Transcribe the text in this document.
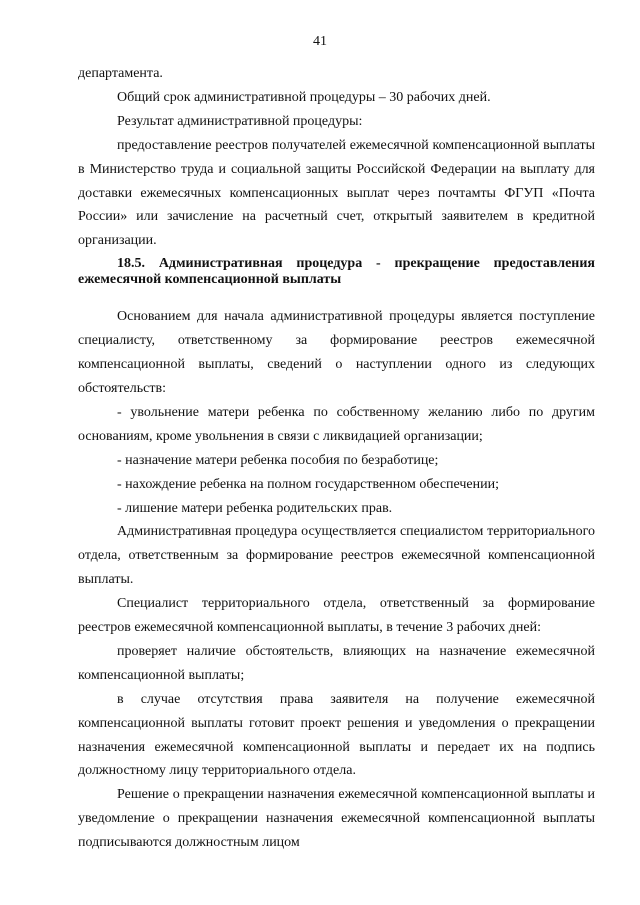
41

департамента.

Общий срок административной процедуры – 30 рабочих дней.

Результат административной процедуры:

предоставление реестров получателей ежемесячной компенсационной выплаты в Министерство труда и социальной защиты Российской Федерации на выплату для доставки ежемесячных компенсационных выплат через почтамты ФГУП «Почта России» или зачисление на расчетный счет, открытый заявителем в кредитной организации.

18.5. Административная процедура - прекращение предоставления ежемесячной компенсационной выплаты

Основанием для начала административной процедуры является поступление специалисту, ответственному за формирование реестров ежемесячной компенсационной выплаты, сведений о наступлении одного из следующих обстоятельств:

- увольнение матери ребенка по собственному желанию либо по другим основаниям, кроме увольнения в связи с ликвидацией организации;

- назначение матери ребенка пособия по безработице;

- нахождение ребенка на полном государственном обеспечении;

- лишение матери ребенка родительских прав.

Административная процедура осуществляется специалистом территориального отдела, ответственным за формирование реестров ежемесячной компенсационной выплаты.

Специалист территориального отдела, ответственный за формирование реестров ежемесячной компенсационной выплаты, в течение 3 рабочих дней:

проверяет наличие обстоятельств, влияющих на назначение ежемесячной компенсационной выплаты;

в случае отсутствия права заявителя на получение ежемесячной компенсационной выплаты готовит проект решения и уведомления о прекращении назначения ежемесячной компенсационной выплаты и передает их на подпись должностному лицу территориального отдела.

Решение о прекращении назначения ежемесячной компенсационной выплаты и уведомление о прекращении назначения ежемесячной компенсационной выплаты подписываются должностным лицом
